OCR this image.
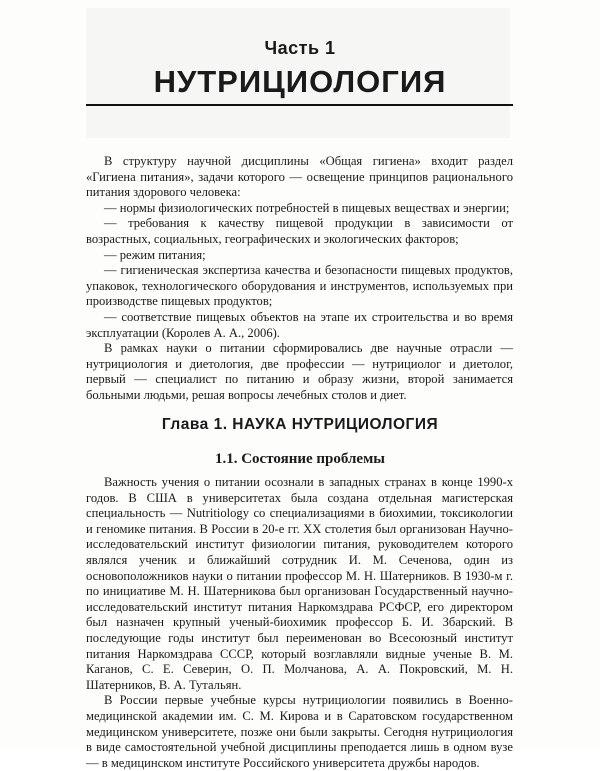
Часть 1
НУТРИЦИОЛОГИЯ

В структуру научной дисциплины «Общая гигиена» входит раздел «Гигиена питания», задачи которого — освещение принципов рационального питания здорового человека:

— нормы физиологических потребностей в пищевых веществах и энергии;

— требования к качеству пищевой продукции в зависимости от возрастных, социальных, географических и экологических факторов;

— режим питания;

— гигиеническая экспертиза качества и безопасности пищевых продуктов, упаковок, технологического оборудования и инструментов, используемых при производстве пищевых продуктов;

— соответствие пищевых объектов на этапе их строительства и во время эксплуатации (Королев А. А., 2006).

В рамках науки о питании сформировались две научные отрасли — нутрициология и диетология, две профессии — нутрициолог и диетолог, первый — специалист по питанию и образу жизни, второй занимается больными людьми, решая вопросы лечебных столов и диет.

Глава 1. НАУКА НУТРИЦИОЛОГИЯ
1.1. Состояние проблемы

Важность учения о питании осознали в западных странах в конце 1990-х годов. В США в университетах была создана отдельная магистерская специальность — Nutritiology со специализациями в биохимии, токсикологии и геномике питания. В России в 20-е гг. XX столетия был организован Научно-исследовательский институт физиологии питания, руководителем которого являлся ученик и ближайший сотрудник И. М. Сеченова, один из основоположников науки о питании профессор М. Н. Шатерников. В 1930-м г. по инициативе М. Н. Шатерникова был организован Государственный научно-исследовательский институт питания Наркомздрава РСФСР, его директором был назначен крупный ученый-биохимик профессор Б. И. Збарский. В последующие годы институт был переименован во Всесоюзный институт питания Наркомздрава СССР, который возглавляли видные ученые В. М. Каганов, С. Е. Северин, О. П. Молчанова, А. А. Покровский, М. Н. Шатерников, В. А. Тутальян.

В России первые учебные курсы нутрициологии появились в Военно-медицинской академии им. С. М. Кирова и в Саратовском государственном медицинском университете, позже они были закрыты. Сегодня нутрициология в виде самостоятельной учебной дисциплины преподается лишь в одном вузе — в медицинском институте Российского университета дружбы народов.
